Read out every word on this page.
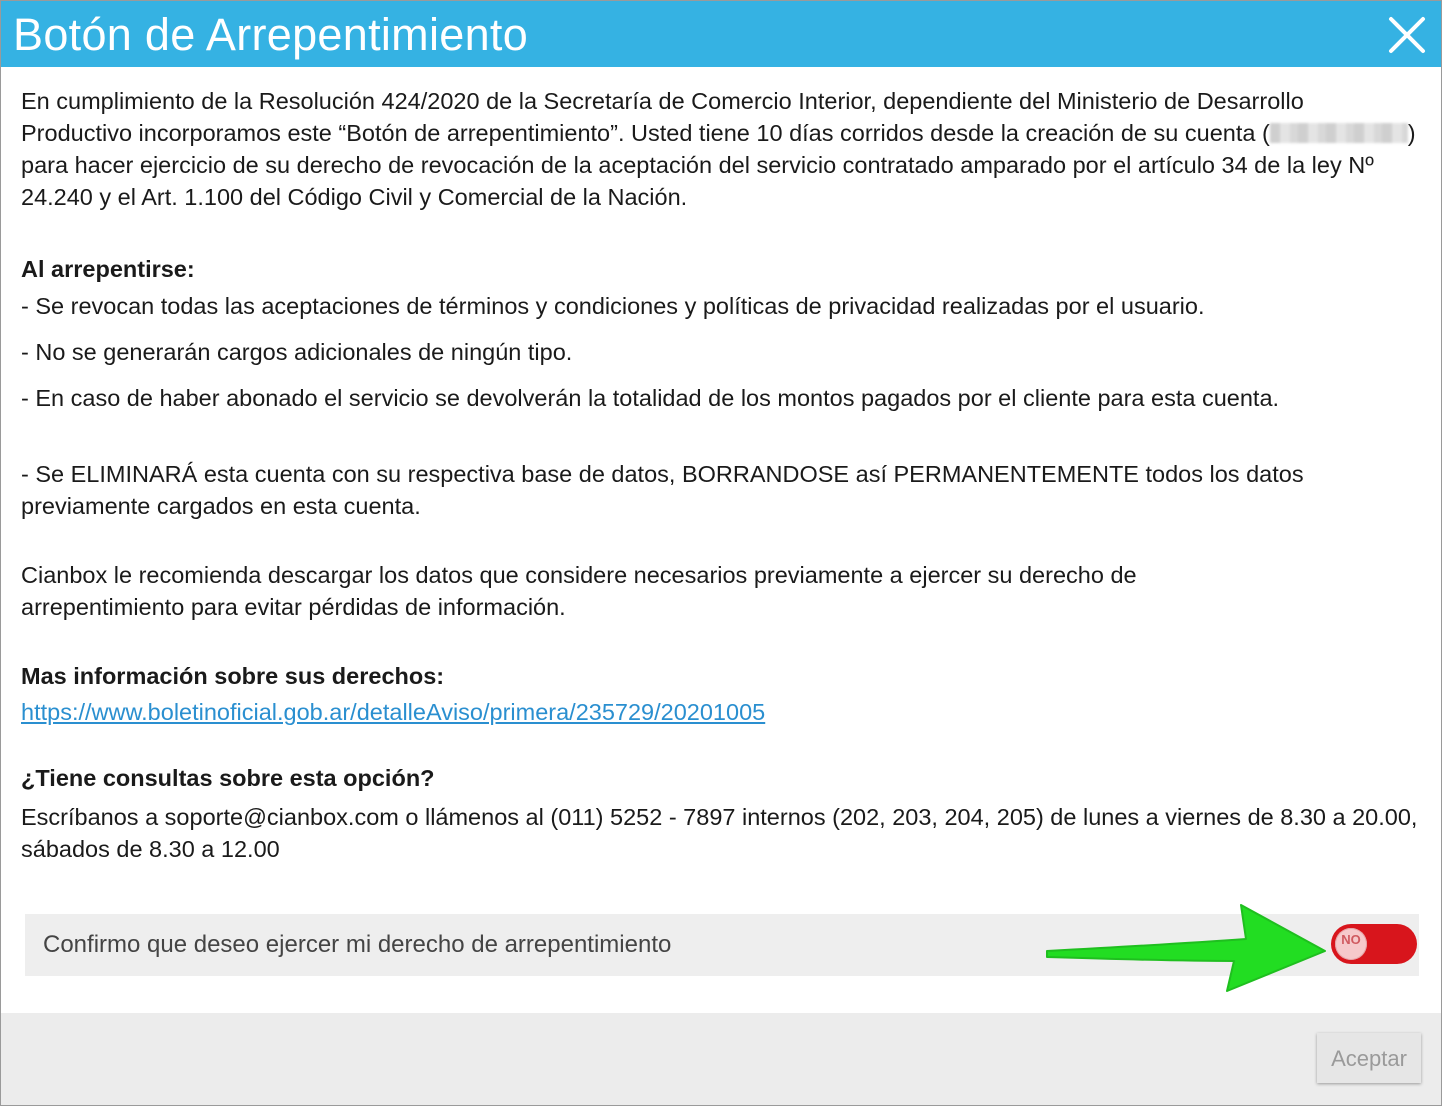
Botón de Arrepentimiento

En cumplimiento de la Resolución 424/2020 de la Secretaría de Comercio Interior, dependiente del Ministerio de Desarrollo Productivo incorporamos este “Botón de arrepentimiento”. Usted tiene 10 días corridos desde la creación de su cuenta (	) para hacer ejercicio de su derecho de revocación de la aceptación del servicio contratado amparado por el artículo 34 de la ley Nº 24.240 y el Art. 1.100 del Código Civil y Comercial de la Nación.

Al arrepentirse:
- Se revocan todas las aceptaciones de términos y condiciones y políticas de privacidad realizadas por el usuario.
- No se generarán cargos adicionales de ningún tipo.
- En caso de haber abonado el servicio se devolverán la totalidad de los montos pagados por el cliente para esta cuenta.
- Se ELIMINARÁ esta cuenta con su respectiva base de datos, BORRANDOSE así PERMANENTEMENTE todos los datos previamente cargados en esta cuenta.
Cianbox le recomienda descargar los datos que considere necesarios previamente a ejercer su derecho de arrepentimiento para evitar pérdidas de información.
Mas información sobre sus derechos:
https://www.boletinoficial.gob.ar/detalleAviso/primera/235729/20201005
¿Tiene consultas sobre esta opción?
Escríbanos a soporte@cianbox.com o llámenos al (011) 5252 - 7897 internos (202, 203, 204, 205) de lunes a viernes de 8.30 a 20.00, sábados de 8.30 a 12.00
Confirmo que deseo ejercer mi derecho de arrepentimiento	NO
Aceptar
